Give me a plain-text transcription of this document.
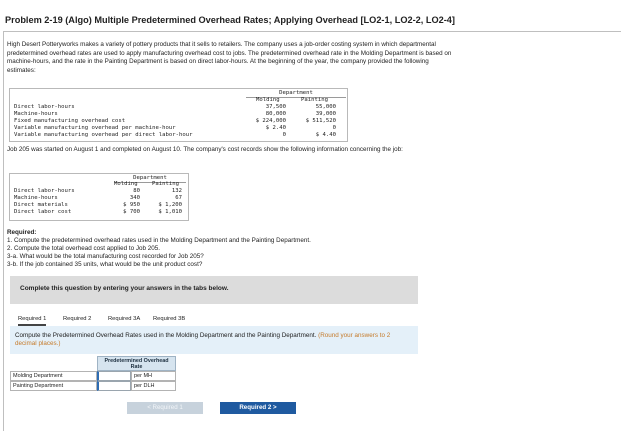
Problem 2-19 (Algo) Multiple Predetermined Overhead Rates; Applying Overhead [LO2-1, LO2-2, LO2-4]
High Desert Potteryworks makes a variety of pottery products that it sells to retailers. The company uses a job-order costing system in which departmental predetermined overhead rates are used to apply manufacturing overhead cost to jobs. The predetermined overhead rate in the Molding Department is based on machine-hours, and the rate in the Painting Department is based on direct labor-hours. At the beginning of the year, the company provided the following estimates:
Department
Molding	Painting
Direct labor-hours	37,500	55,000
Machine-hours	80,000	39,000
Fixed manufacturing overhead cost	$ 224,000	$ 511,520
Variable manufacturing overhead per machine-hour	$ 2.40	0
Variable manufacturing overhead per direct labor-hour	0	$ 4.40
Job 205 was started on August 1 and completed on August 10. The company's cost records show the following information concerning the job:
Department
Molding	Painting
Direct labor-hours	80	132
Machine-hours	340	67
Direct materials	$ 950	$ 1,200
Direct labor cost	$ 700	$ 1,010
Required:
1. Compute the predetermined overhead rates used in the Molding Department and the Painting Department.
2. Compute the total overhead cost applied to Job 205.
3-a. What would be the total manufacturing cost recorded for Job 205?
3-b. If the job contained 35 units, what would be the unit product cost?
Complete this question by entering your answers in the tabs below.
Required 1	Required 2	Required 3A Required 3B
Compute the Predetermined Overhead Rates used in the Molding Department and the Painting Department. (Round your answers to 2 decimal places.)
Predetermined Overhead Rate
Molding Department	per MH
Painting Department	per DLH
< Required 1	Required 2 >
